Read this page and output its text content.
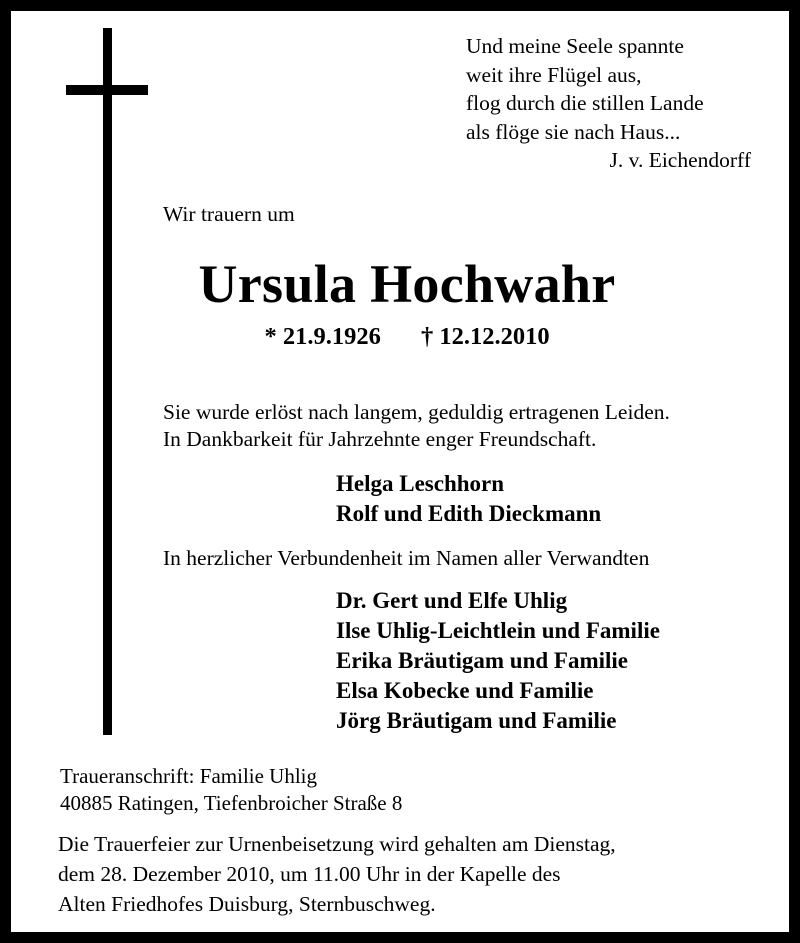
Und meine Seele spannte
weit ihre Flügel aus,
flog durch die stillen Lande
als flöge sie nach Haus...
J. v. Eichendorff
Wir trauern um
Ursula Hochwahr
* 21.9.1926 † 12.12.2010
Sie wurde erlöst nach langem, geduldig ertragenen Leiden.
In Dankbarkeit für Jahrzehnte enger Freundschaft.
Helga Leschhorn
Rolf und Edith Dieckmann
In herzlicher Verbundenheit im Namen aller Verwandten
Dr. Gert und Elfe Uhlig
Ilse Uhlig-Leichtlein und Familie
Erika Bräutigam und Familie
Elsa Kobecke und Familie
Jörg Bräutigam und Familie
Traueranschrift: Familie Uhlig
40885 Ratingen, Tiefenbroicher Straße 8
Die Trauerfeier zur Urnenbeisetzung wird gehalten am Dienstag,
dem 28. Dezember 2010, um 11.00 Uhr in der Kapelle des
Alten Friedhofes Duisburg, Sternbuschweg.
